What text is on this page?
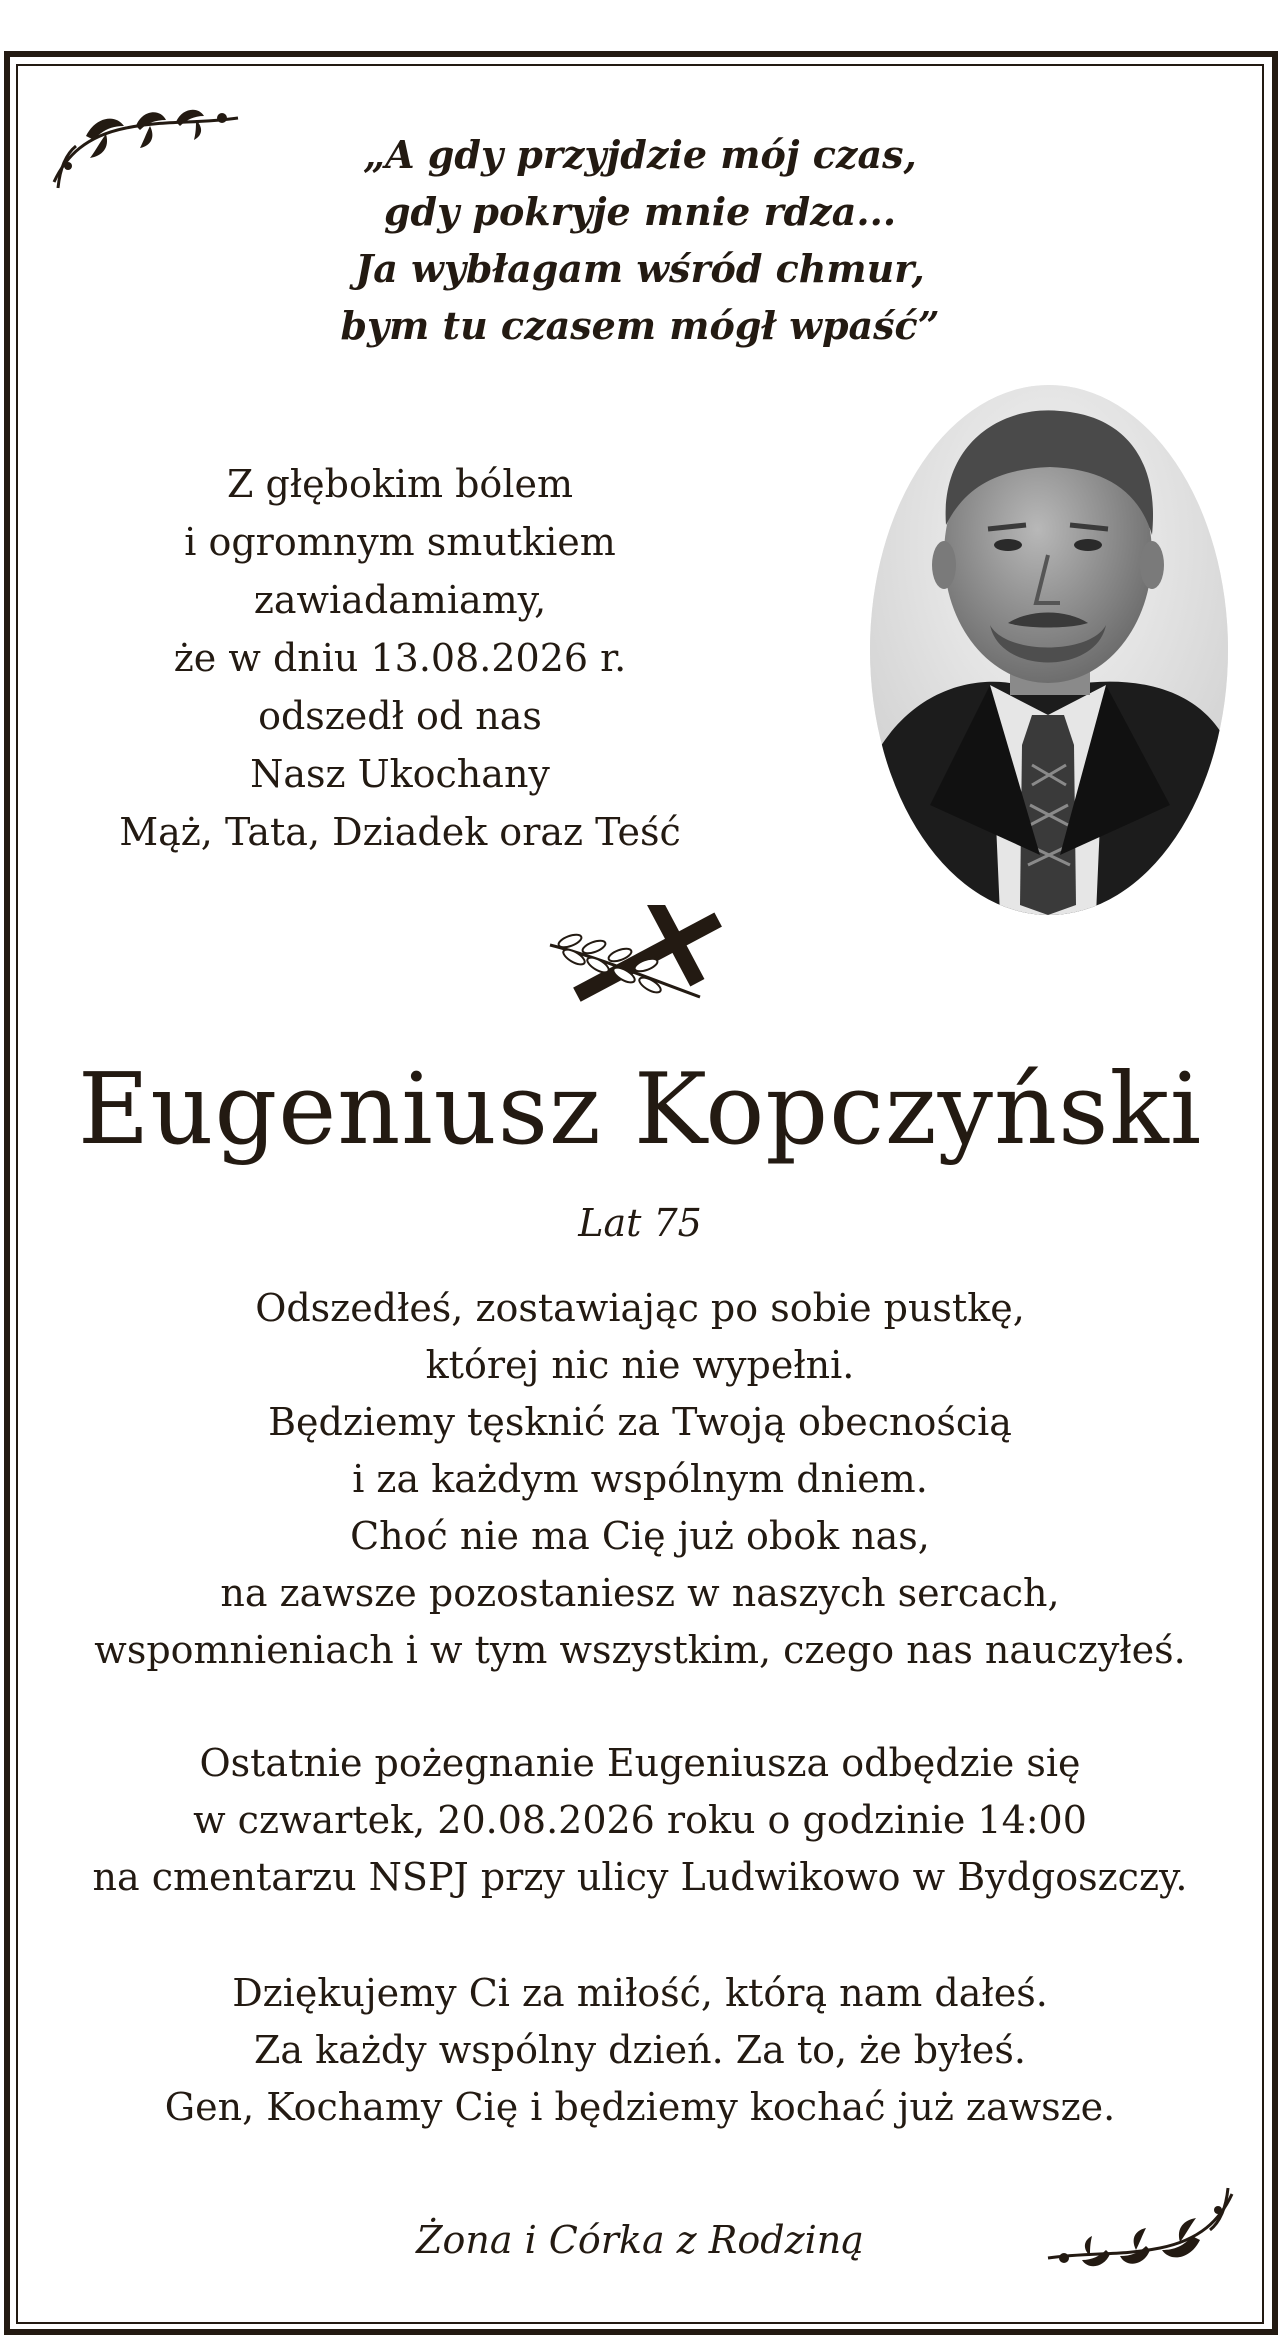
„A gdy przyjdzie mój czas,
gdy pokryje mnie rdza...
Ja wybłagam wśród chmur,
bym tu czasem mógł wpaść”
Z głębokim bólem
i ogromnym smutkiem
zawiadamiamy,
że w dniu 13.08.2026 r.
odszedł od nas
Nasz Ukochany
Mąż, Tata, Dziadek oraz Teść
Eugeniusz Kopczyński
Lat 75
Odszedłeś, zostawiając po sobie pustkę,
której nic nie wypełni.
Będziemy tęsknić za Twoją obecnością
i za każdym wspólnym dniem.
Choć nie ma Cię już obok nas,
na zawsze pozostaniesz w naszych sercach,
wspomnieniach i w tym wszystkim, czego nas nauczyłeś.
Ostatnie pożegnanie Eugeniusza odbędzie się
w czwartek, 20.08.2026 roku o godzinie 14:00
na cmentarzu NSPJ przy ulicy Ludwikowo w Bydgoszczy.
Dziękujemy Ci za miłość, którą nam dałeś.
Za każdy wspólny dzień. Za to, że byłeś.
Gen, Kochamy Cię i będziemy kochać już zawsze.
Żona i Córka z Rodziną
